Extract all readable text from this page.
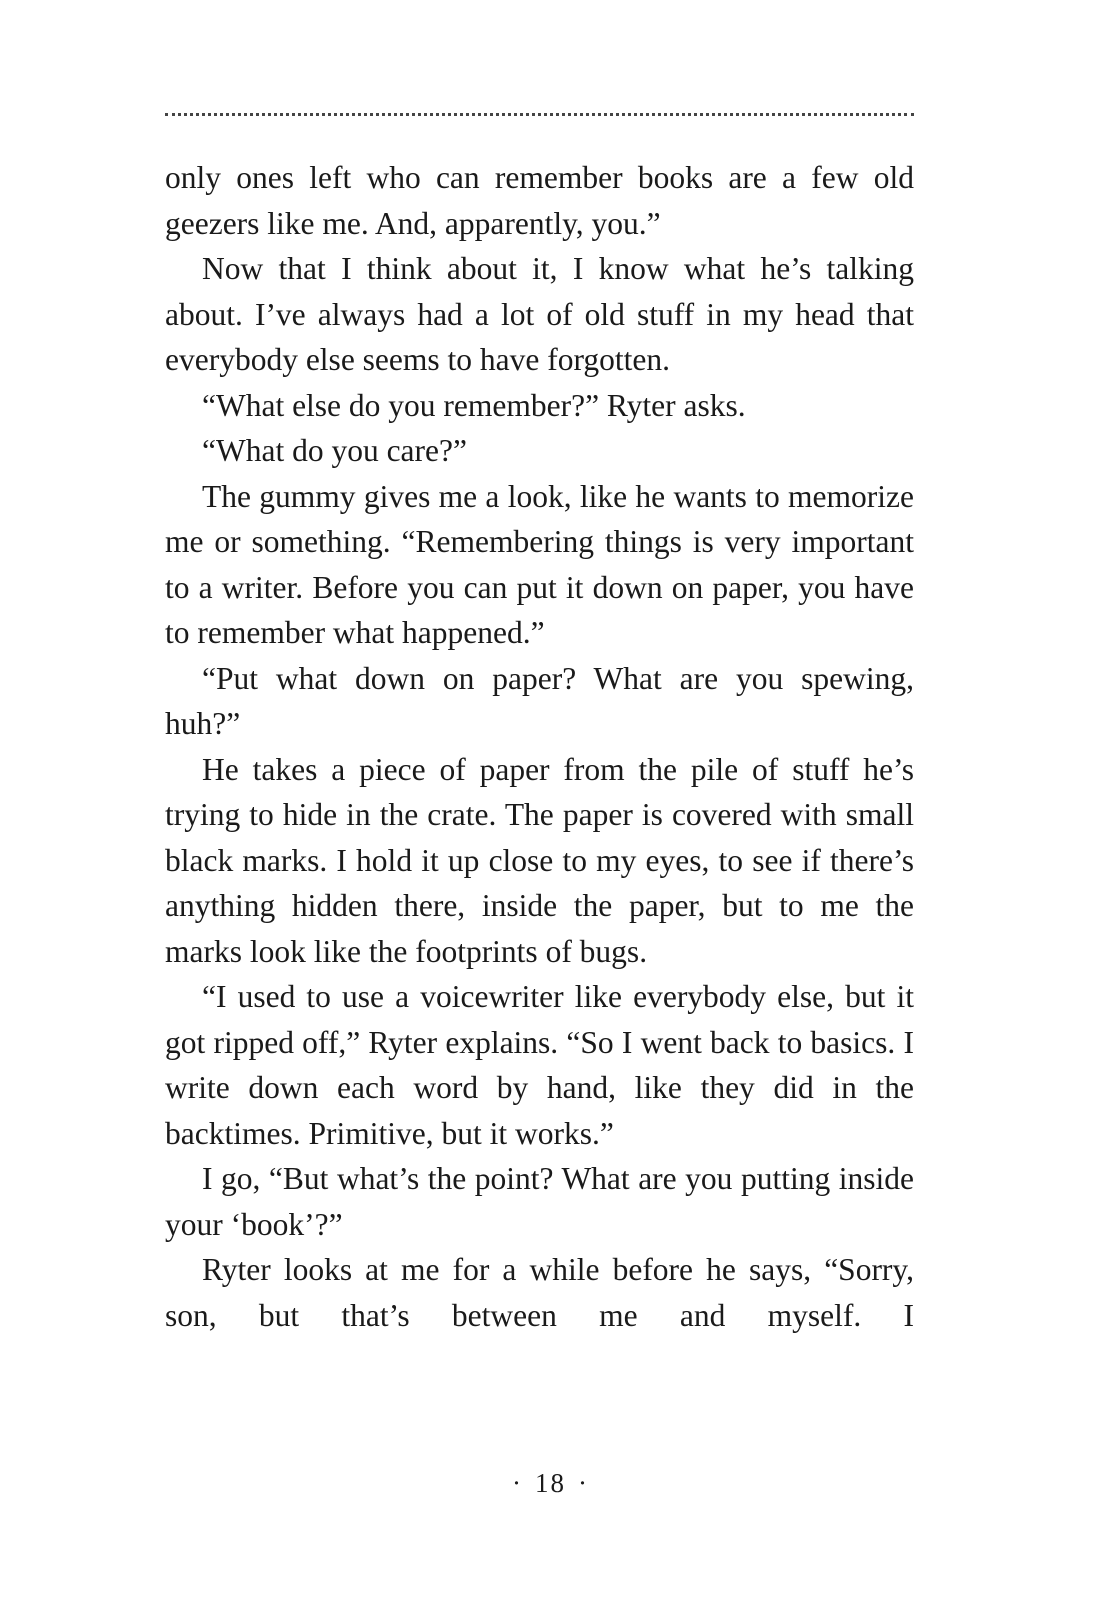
only ones left who can remember books are a few old geezers like me. And, apparently, you.”

Now that I think about it, I know what he’s talking about. I’ve always had a lot of old stuff in my head that everybody else seems to have forgotten.

“What else do you remember?” Ryter asks.

“What do you care?”

The gummy gives me a look, like he wants to memorize me or something. “Remembering things is very important to a writer. Before you can put it down on paper, you have to remember what happened.”

“Put what down on paper? What are you spewing, huh?”

He takes a piece of paper from the pile of stuff he’s trying to hide in the crate. The paper is covered with small black marks. I hold it up close to my eyes, to see if there’s anything hidden there, inside the paper, but to me the marks look like the footprints of bugs.

“I used to use a voicewriter like everybody else, but it got ripped off,” Ryter explains. “So I went back to basics. I write down each word by hand, like they did in the backtimes. Primitive, but it works.”

I go, “But what’s the point? What are you putting inside your ‘book’?”

Ryter looks at me for a while before he says, “Sorry, son, but that’s between me and myself. I

· 18 ·
